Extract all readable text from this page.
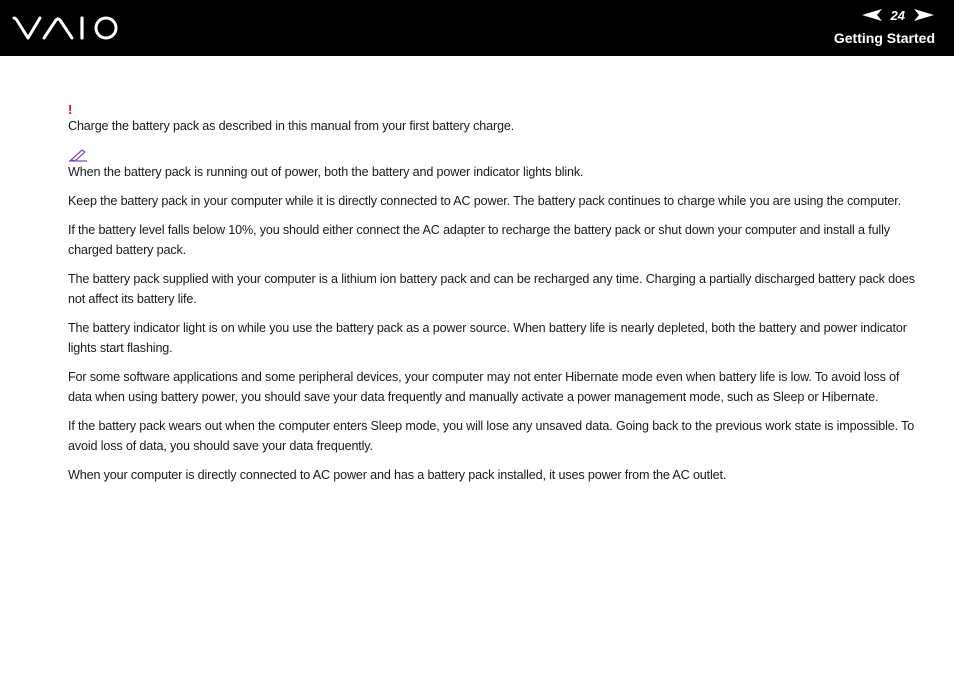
24
Getting Started
!

Charge the battery pack as described in this manual from your first battery charge.

When the battery pack is running out of power, both the battery and power indicator lights blink.

Keep the battery pack in your computer while it is directly connected to AC power. The battery pack continues to charge while you are using the computer.

If the battery level falls below 10%, you should either connect the AC adapter to recharge the battery pack or shut down your computer and install a fully charged battery pack.

The battery pack supplied with your computer is a lithium ion battery pack and can be recharged any time. Charging a partially discharged battery pack does not affect its battery life.

The battery indicator light is on while you use the battery pack as a power source. When battery life is nearly depleted, both the battery and power indicator lights start flashing.

For some software applications and some peripheral devices, your computer may not enter Hibernate mode even when battery life is low. To avoid loss of data when using battery power, you should save your data frequently and manually activate a power management mode, such as Sleep or Hibernate.

If the battery pack wears out when the computer enters Sleep mode, you will lose any unsaved data. Going back to the previous work state is impossible. To avoid loss of data, you should save your data frequently.

When your computer is directly connected to AC power and has a battery pack installed, it uses power from the AC outlet.
